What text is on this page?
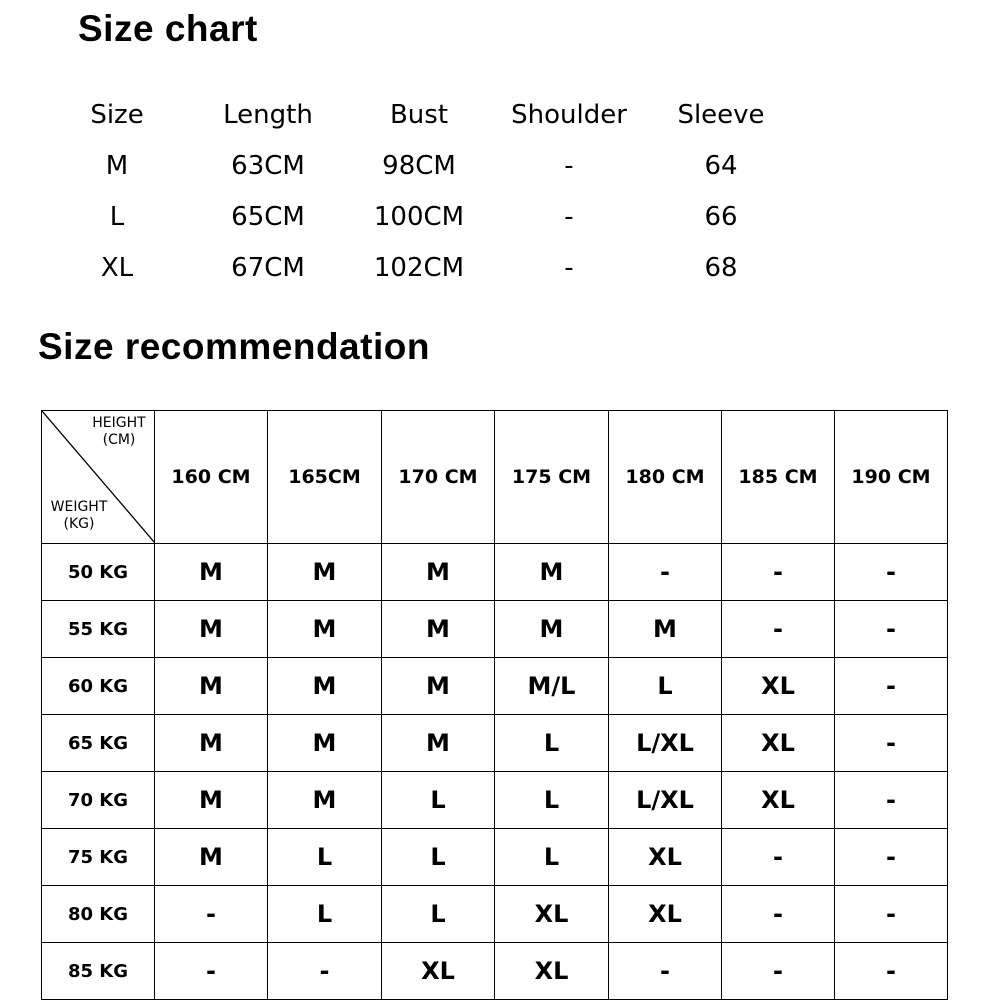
Size chart
Size	Length	Bust	Shoulder	Sleeve
M	63CM	98CM	-	64
L	65CM	100CM	-	66
XL	67CM	102CM	-	68
Size recommendation
HEIGHT
(CM)
WEIGHT
(KG)	160 CM	165CM	170 CM	175 CM	180 CM	185 CM	190 CM
50 KG	M	M	M	M	-	-	-
55 KG	M	M	M	M	M	-	-
60 KG	M	M	M	M/L	L	XL	-
65 KG	M	M	M	L	L/XL	XL	-
70 KG	M	M	L	L	L/XL	XL	-
75 KG	M	L	L	L	XL	-	-
80 KG	-	L	L	XL	XL	-	-
85 KG	-	-	XL	XL	-	-	-
